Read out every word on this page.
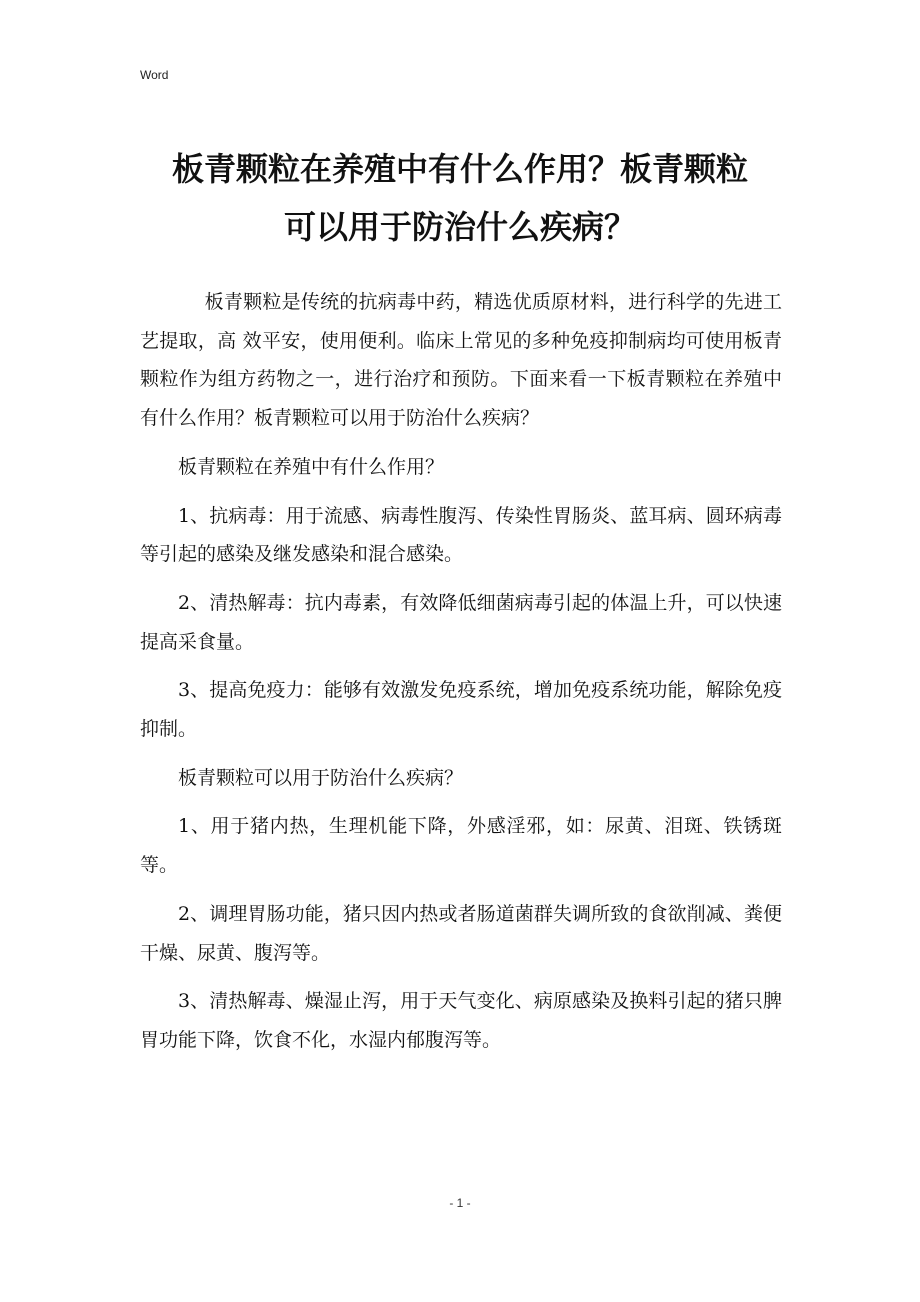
Word
板青颗粒在养殖中有什么作用？板青颗粒
可以用于防治什么疾病？

板青颗粒是传统的抗病毒中药，精选优质原材料，进行科学的先进工艺提取，高 效平安，使用便利。临床上常见的多种免疫抑制病均可使用板青颗粒作为组方药物之一，进行治疗和预防。下面来看一下板青颗粒在养殖中有什么作用？板青颗粒可以用于防治什么疾病？

板青颗粒在养殖中有什么作用？

1、抗病毒：用于流感、病毒性腹泻、传染性胃肠炎、蓝耳病、圆环病毒等引起的感染及继发感染和混合感染。

2、清热解毒：抗内毒素，有效降低细菌病毒引起的体温上升，可以快速提高采食量。

3、提高免疫力：能够有效激发免疫系统，增加免疫系统功能，解除免疫抑制。

板青颗粒可以用于防治什么疾病？

1、用于猪内热，生理机能下降，外感淫邪，如：尿黄、泪斑、铁锈斑等。

2、调理胃肠功能，猪只因内热或者肠道菌群失调所致的食欲削减、粪便干燥、尿黄、腹泻等。

3、清热解毒、燥湿止泻，用于天气变化、病原感染及换料引起的猪只脾胃功能下降，饮食不化，水湿内郁腹泻等。

- 1 -
